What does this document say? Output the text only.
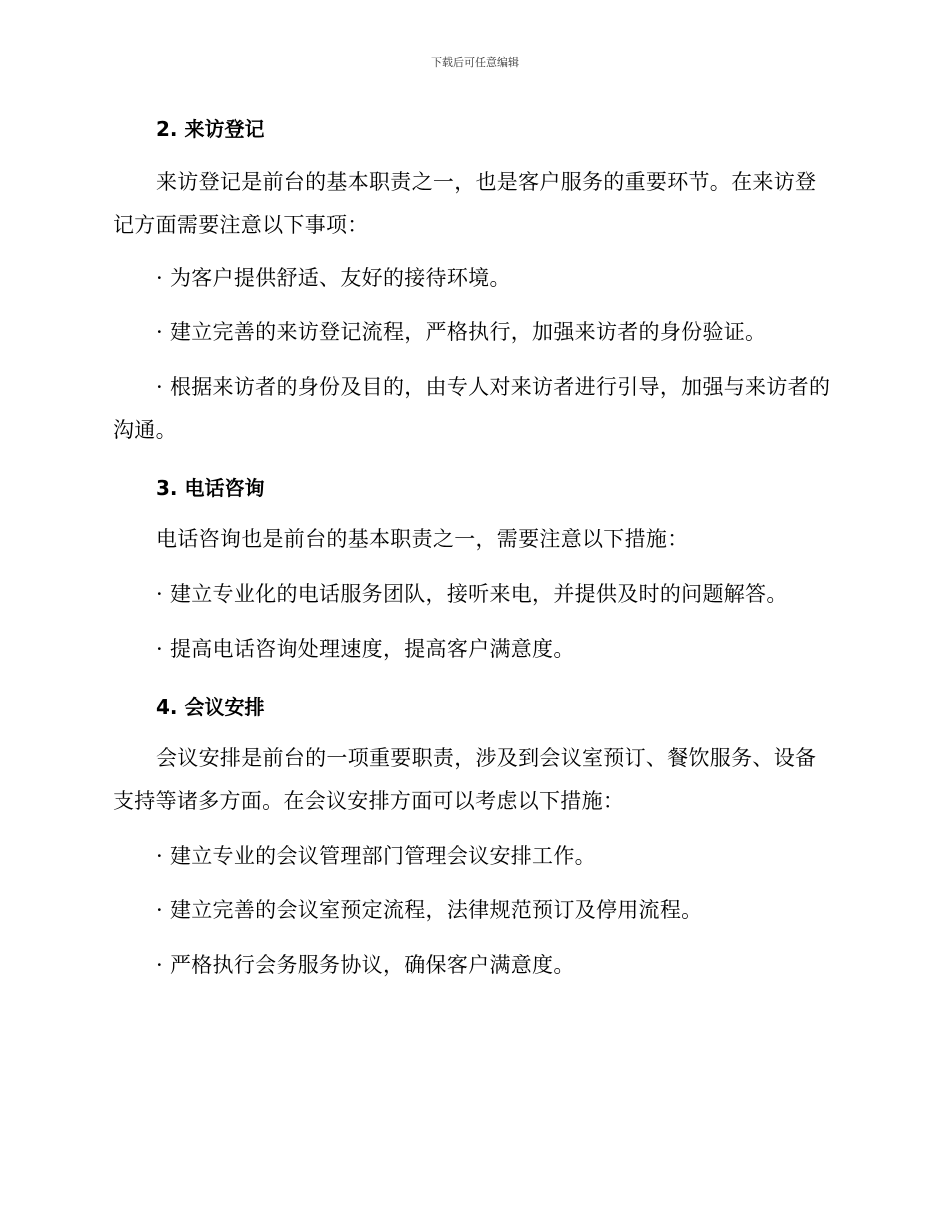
下载后可任意编辑
2. 来访登记
来访登记是前台的基本职责之一，也是客户服务的重要环节。在来访登记方面需要注意以下事项：
· 为客户提供舒适、友好的接待环境。
· 建立完善的来访登记流程，严格执行，加强来访者的身份验证。
· 根据来访者的身份及目的，由专人对来访者进行引导，加强与来访者的沟通。
3. 电话咨询
电话咨询也是前台的基本职责之一，需要注意以下措施：
· 建立专业化的电话服务团队，接听来电，并提供及时的问题解答。
· 提高电话咨询处理速度，提高客户满意度。
4. 会议安排
会议安排是前台的一项重要职责，涉及到会议室预订、餐饮服务、设备支持等诸多方面。在会议安排方面可以考虑以下措施：
· 建立专业的会议管理部门管理会议安排工作。
· 建立完善的会议室预定流程，法律规范预订及停用流程。
· 严格执行会务服务协议，确保客户满意度。
